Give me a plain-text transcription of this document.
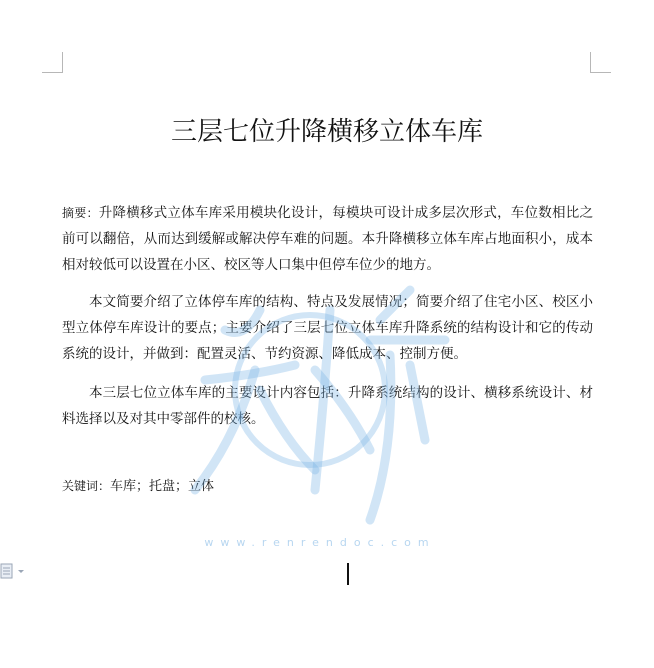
三层七位升降横移立体车库

摘要：升降横移式立体车库采用模块化设计，每模块可设计成多层次形式，车位数相比之前可以翻倍，从而达到缓解或解决停车难的问题。本升降横移立体车库占地面积小，成本相对较低可以设置在小区、校区等人口集中但停车位少的地方。

本文简要介绍了立体停车库的结构、特点及发展情况；简要介绍了住宅小区、校区小型立体停车库设计的要点；主要介绍了三层七位立体车库升降系统的结构设计和它的传动系统的设计，并做到：配置灵活、节约资源、降低成本、控制方便。

本三层七位立体车库的主要设计内容包括：升降系统结构的设计、横移系统设计、材料选择以及对其中零部件的校核。

关键词：车库；托盘；立体

www.renrendoc.com
